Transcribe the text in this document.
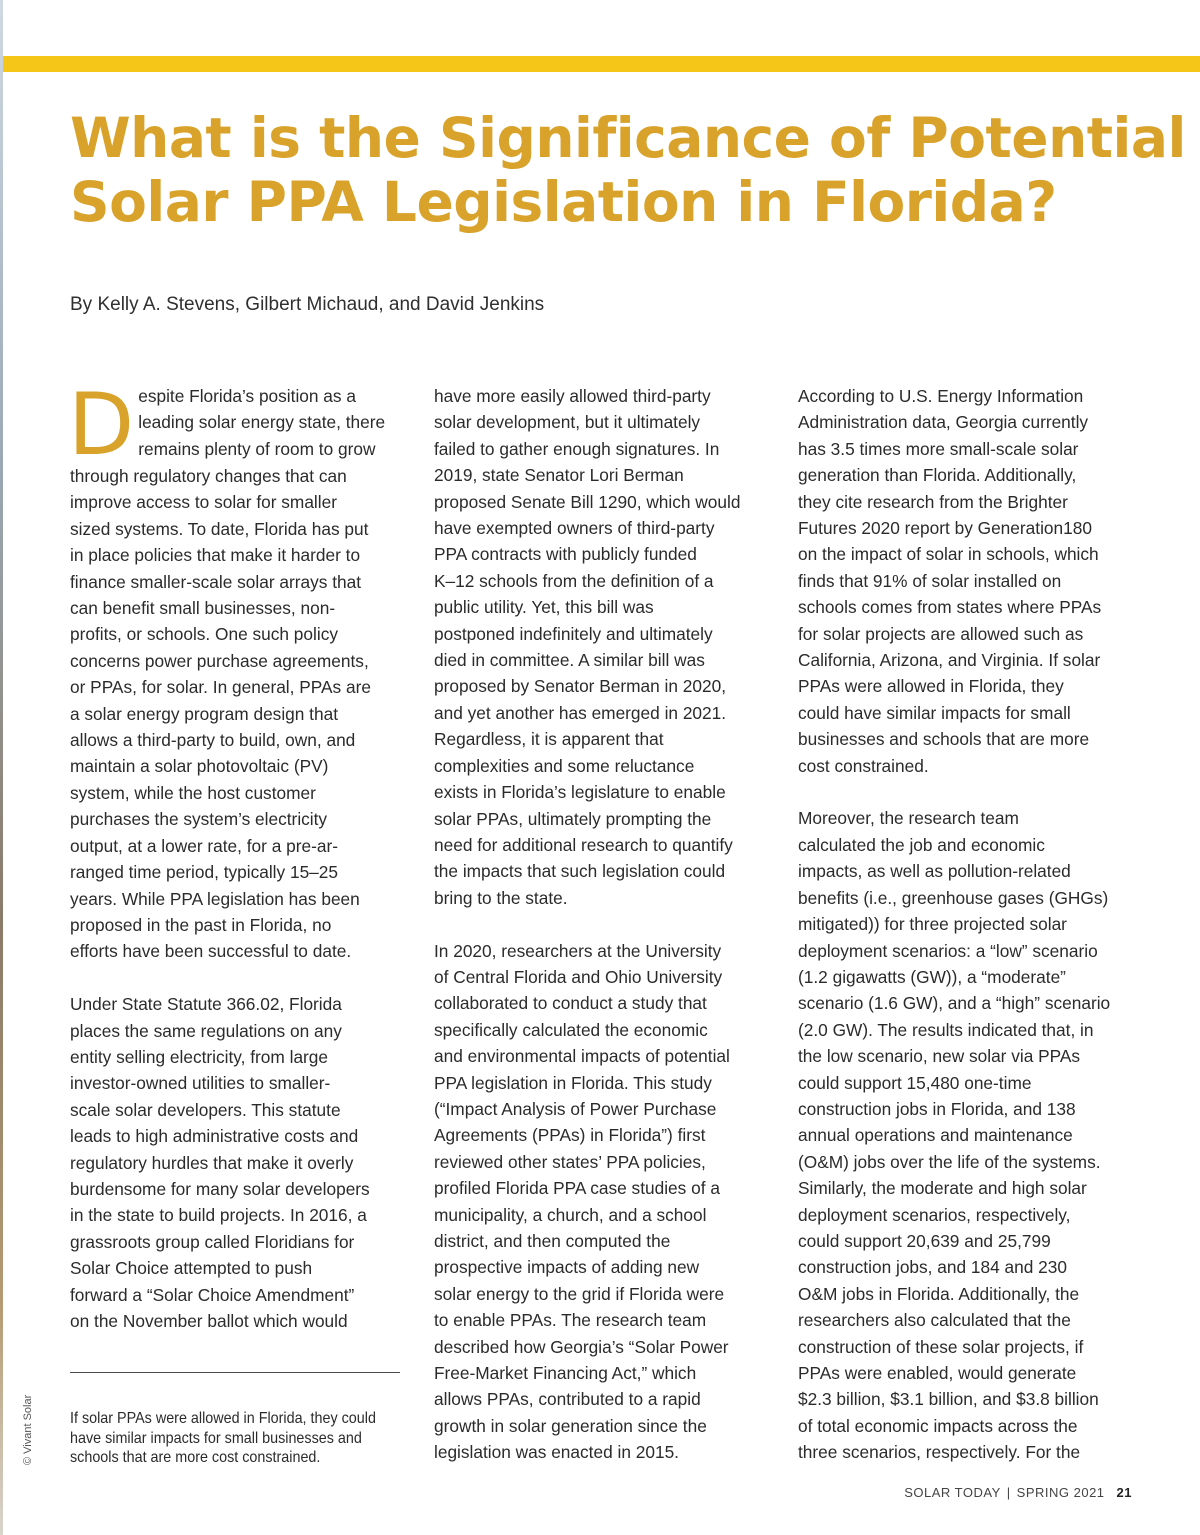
What is the Significance of Potential
Solar PPA Legislation in Florida?
By Kelly A. Stevens, Gilbert Michaud, and David Jenkins
D espite Florida’s position as a
leading solar energy state, there
remains plenty of room to grow
through regulatory changes that can
improve access to solar for smaller
sized systems. To date, Florida has put
in place policies that make it harder to
finance smaller-scale solar arrays that
can benefit small businesses, non-
profits, or schools. One such policy
concerns power purchase agreements,
or PPAs, for solar. In general, PPAs are
a solar energy program design that
allows a third-party to build, own, and
maintain a solar photovoltaic (PV)
system, while the host customer
purchases the system’s electricity
output, at a lower rate, for a pre-ar-
ranged time period, typically 15–25
years. While PPA legislation has been
proposed in the past in Florida, no
efforts have been successful to date.
Under State Statute 366.02, Florida
places the same regulations on any
entity selling electricity, from large
investor-owned utilities to smaller-
scale solar developers. This statute
leads to high administrative costs and
regulatory hurdles that make it overly
burdensome for many solar developers
in the state to build projects. In 2016, a
grassroots group called Floridians for
Solar Choice attempted to push
forward a “Solar Choice Amendment”
on the November ballot which would
have more easily allowed third-party
solar development, but it ultimately
failed to gather enough signatures. In
2019, state Senator Lori Berman
proposed Senate Bill 1290, which would
have exempted owners of third-party
PPA contracts with publicly funded
K–12 schools from the definition of a
public utility. Yet, this bill was
postponed indefinitely and ultimately
died in committee. A similar bill was
proposed by Senator Berman in 2020,
and yet another has emerged in 2021.
Regardless, it is apparent that
complexities and some reluctance
exists in Florida’s legislature to enable
solar PPAs, ultimately prompting the
need for additional research to quantify
the impacts that such legislation could
bring to the state.
In 2020, researchers at the University
of Central Florida and Ohio University
collaborated to conduct a study that
specifically calculated the economic
and environmental impacts of potential
PPA legislation in Florida. This study
(“Impact Analysis of Power Purchase
Agreements (PPAs) in Florida”) first
reviewed other states’ PPA policies,
profiled Florida PPA case studies of a
municipality, a church, and a school
district, and then computed the
prospective impacts of adding new
solar energy to the grid if Florida were
to enable PPAs. The research team
described how Georgia’s “Solar Power
Free-Market Financing Act,” which
allows PPAs, contributed to a rapid
growth in solar generation since the
legislation was enacted in 2015.
According to U.S. Energy Information
Administration data, Georgia currently
has 3.5 times more small-scale solar
generation than Florida. Additionally,
they cite research from the Brighter
Futures 2020 report by Generation180
on the impact of solar in schools, which
finds that 91% of solar installed on
schools comes from states where PPAs
for solar projects are allowed such as
California, Arizona, and Virginia. If solar
PPAs were allowed in Florida, they
could have similar impacts for small
businesses and schools that are more
cost constrained.
Moreover, the research team
calculated the job and economic
impacts, as well as pollution-related
benefits (i.e., greenhouse gases (GHGs)
mitigated)) for three projected solar
deployment scenarios: a “low” scenario
(1.2 gigawatts (GW)), a “moderate”
scenario (1.6 GW), and a “high” scenario
(2.0 GW). The results indicated that, in
the low scenario, new solar via PPAs
could support 15,480 one-time
construction jobs in Florida, and 138
annual operations and maintenance
(O&M) jobs over the life of the systems.
Similarly, the moderate and high solar
deployment scenarios, respectively,
could support 20,639 and 25,799
construction jobs, and 184 and 230
O&M jobs in Florida. Additionally, the
researchers also calculated that the
construction of these solar projects, if
PPAs were enabled, would generate
$2.3 billion, $3.1 billion, and $3.8 billion
of total economic impacts across the
three scenarios, respectively. For the
If solar PPAs were allowed in Florida, they could
have similar impacts for small businesses and
schools that are more cost constrained.
© Vivant Solar
SOLAR TODAY | SPRING 2021 21
